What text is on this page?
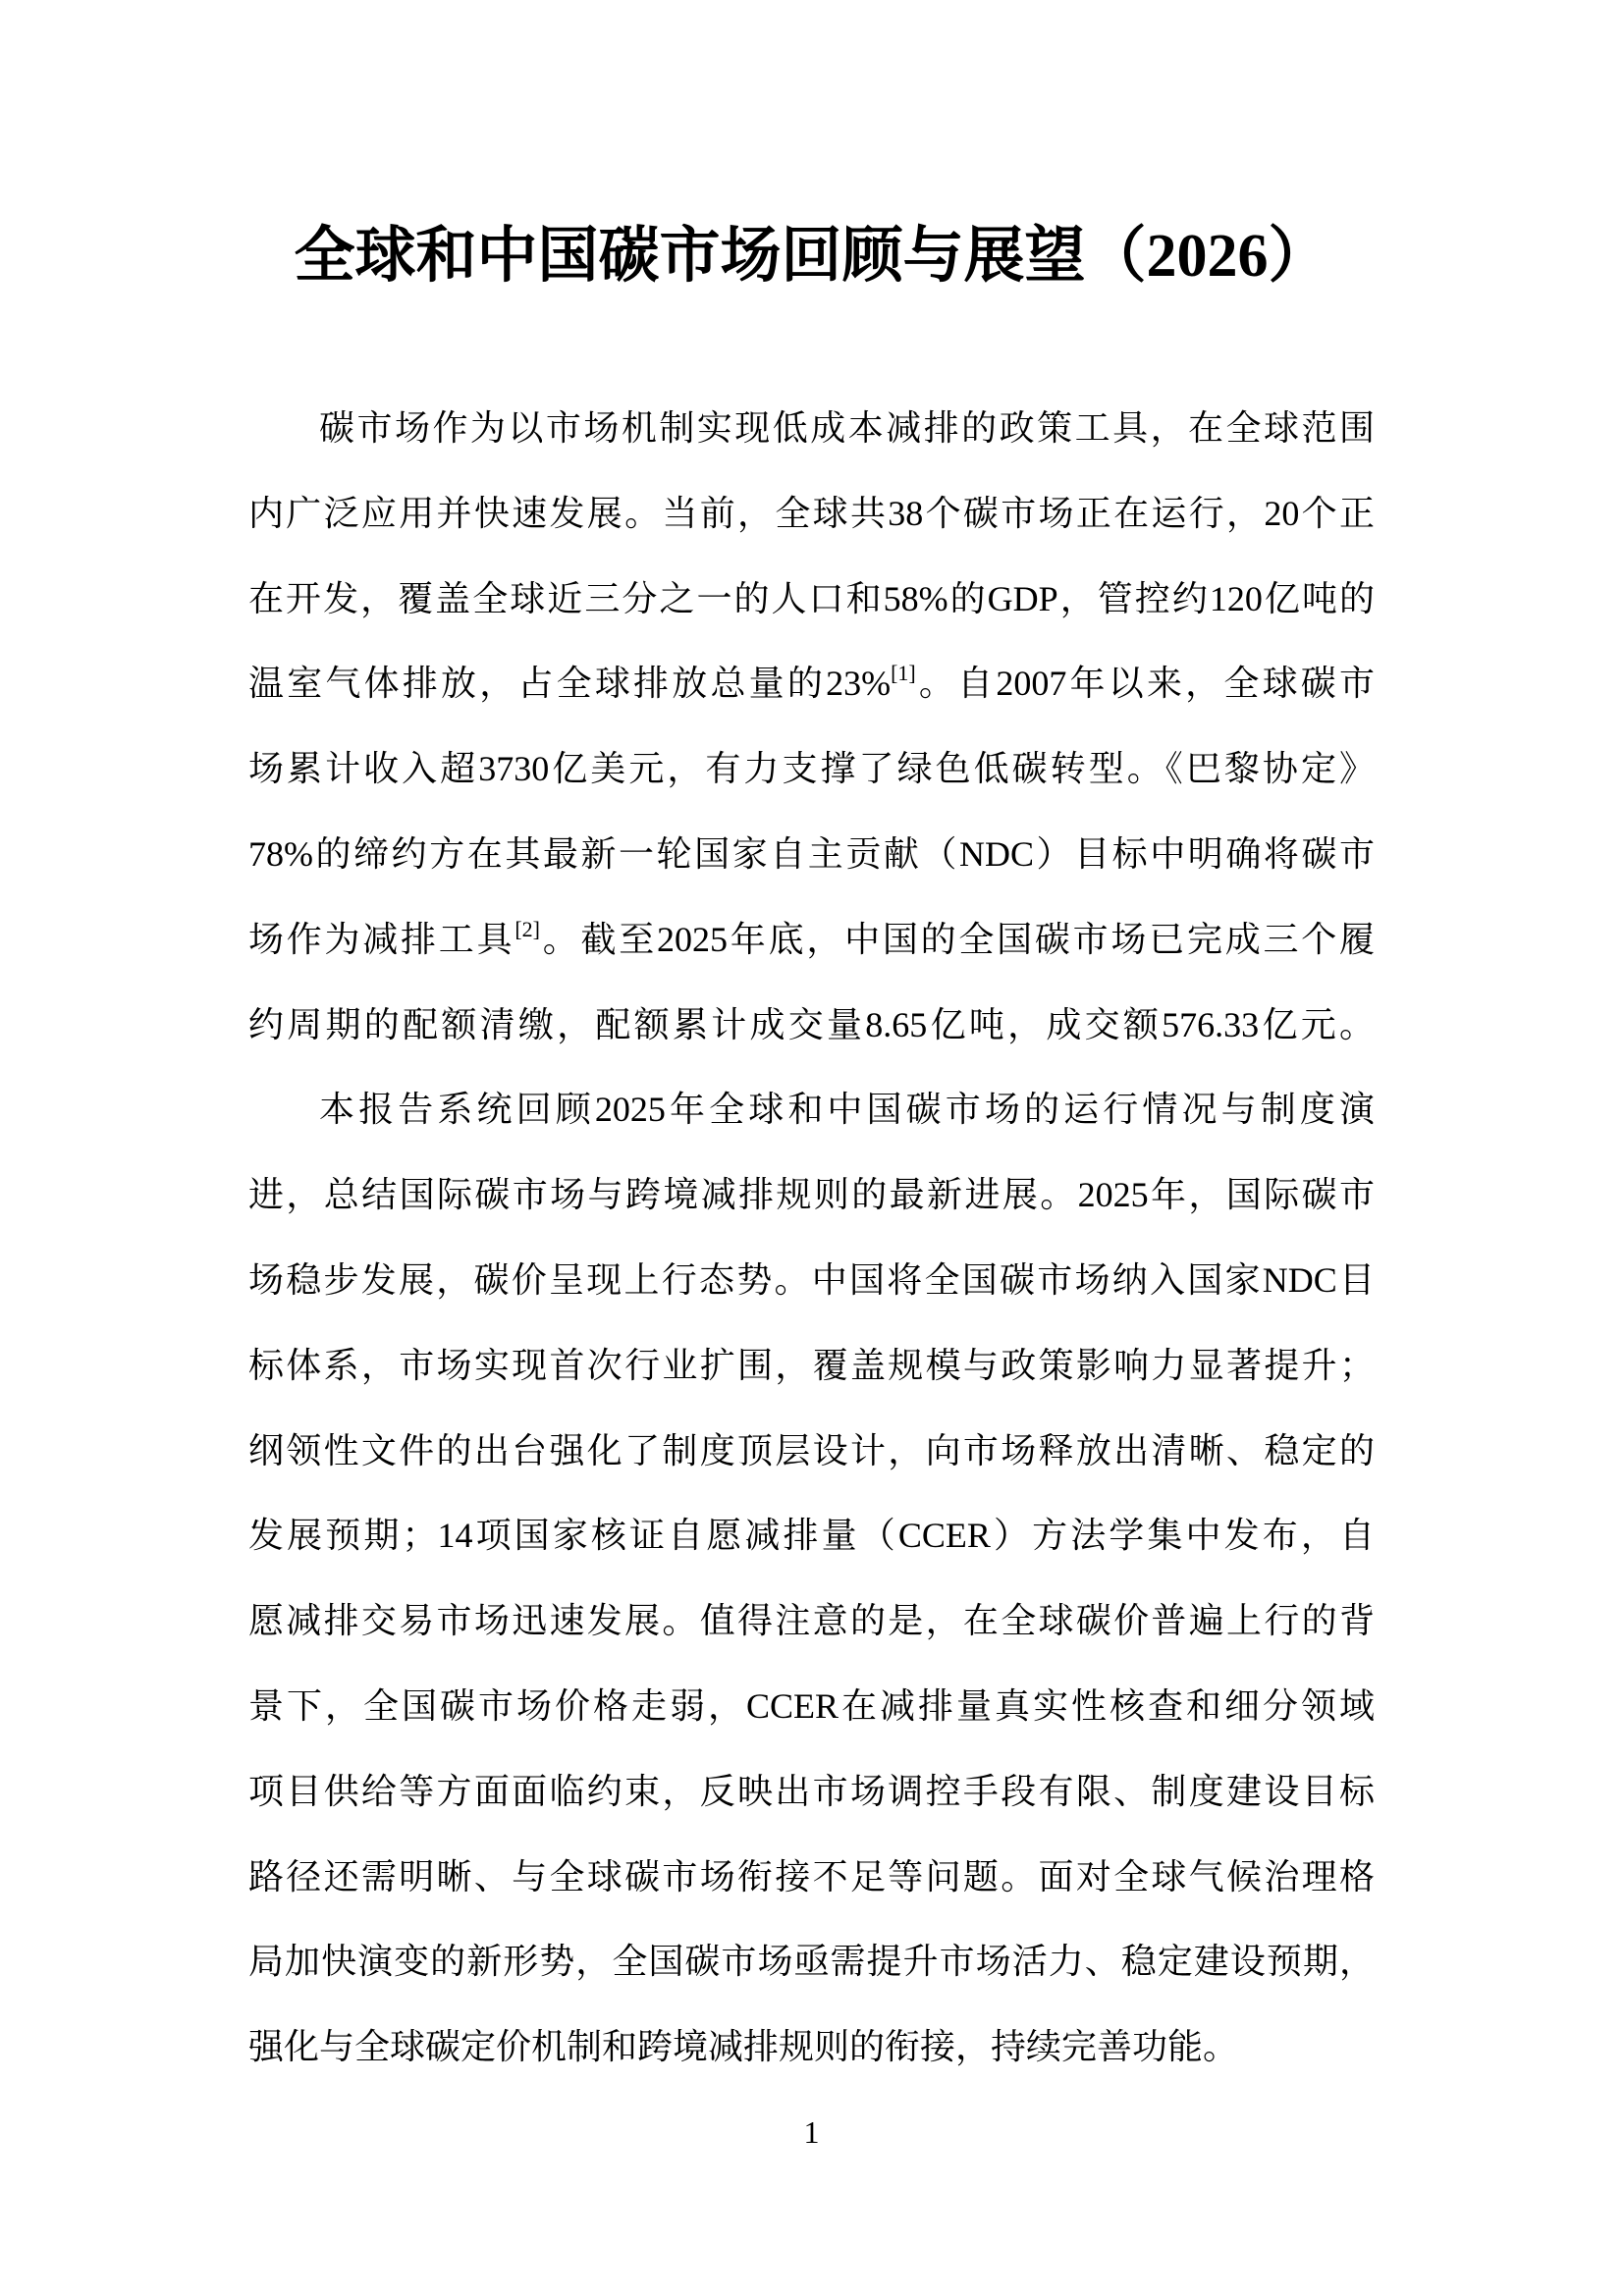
全球和中国碳市场回顾与展望（2026）

碳市场作为以市场机制实现低成本减排的政策工具，在全球范围

内广泛应用并快速发展。当前，全球共38个碳市场正在运行，20个正

在开发，覆盖全球近三分之一的人口和58%的GDP，管控约120亿吨的

温室气体排放，占全球排放总量的23%[1]。自2007年以来，全球碳市

场累计收入超3730亿美元，有力支撑了绿色低碳转型。《巴黎协定》

78%的缔约方在其最新一轮国家自主贡献（NDC）目标中明确将碳市

场作为减排工具[2]。截至2025年底，中国的全国碳市场已完成三个履

约周期的配额清缴，配额累计成交量8.65亿吨，成交额576.33亿元。

本报告系统回顾2025年全球和中国碳市场的运行情况与制度演

进，总结国际碳市场与跨境减排规则的最新进展。2025年，国际碳市

场稳步发展，碳价呈现上行态势。中国将全国碳市场纳入国家NDC目

标体系，市场实现首次行业扩围，覆盖规模与政策影响力显著提升；

纲领性文件的出台强化了制度顶层设计，向市场释放出清晰、稳定的

发展预期；14项国家核证自愿减排量（CCER）方法学集中发布，自

愿减排交易市场迅速发展。值得注意的是，在全球碳价普遍上行的背

景下，全国碳市场价格走弱，CCER在减排量真实性核查和细分领域

项目供给等方面面临约束，反映出市场调控手段有限、制度建设目标

路径还需明晰、与全球碳市场衔接不足等问题。面对全球气候治理格

局加快演变的新形势，全国碳市场亟需提升市场活力、稳定建设预期，

强化与全球碳定价机制和跨境减排规则的衔接，持续完善功能。

1
